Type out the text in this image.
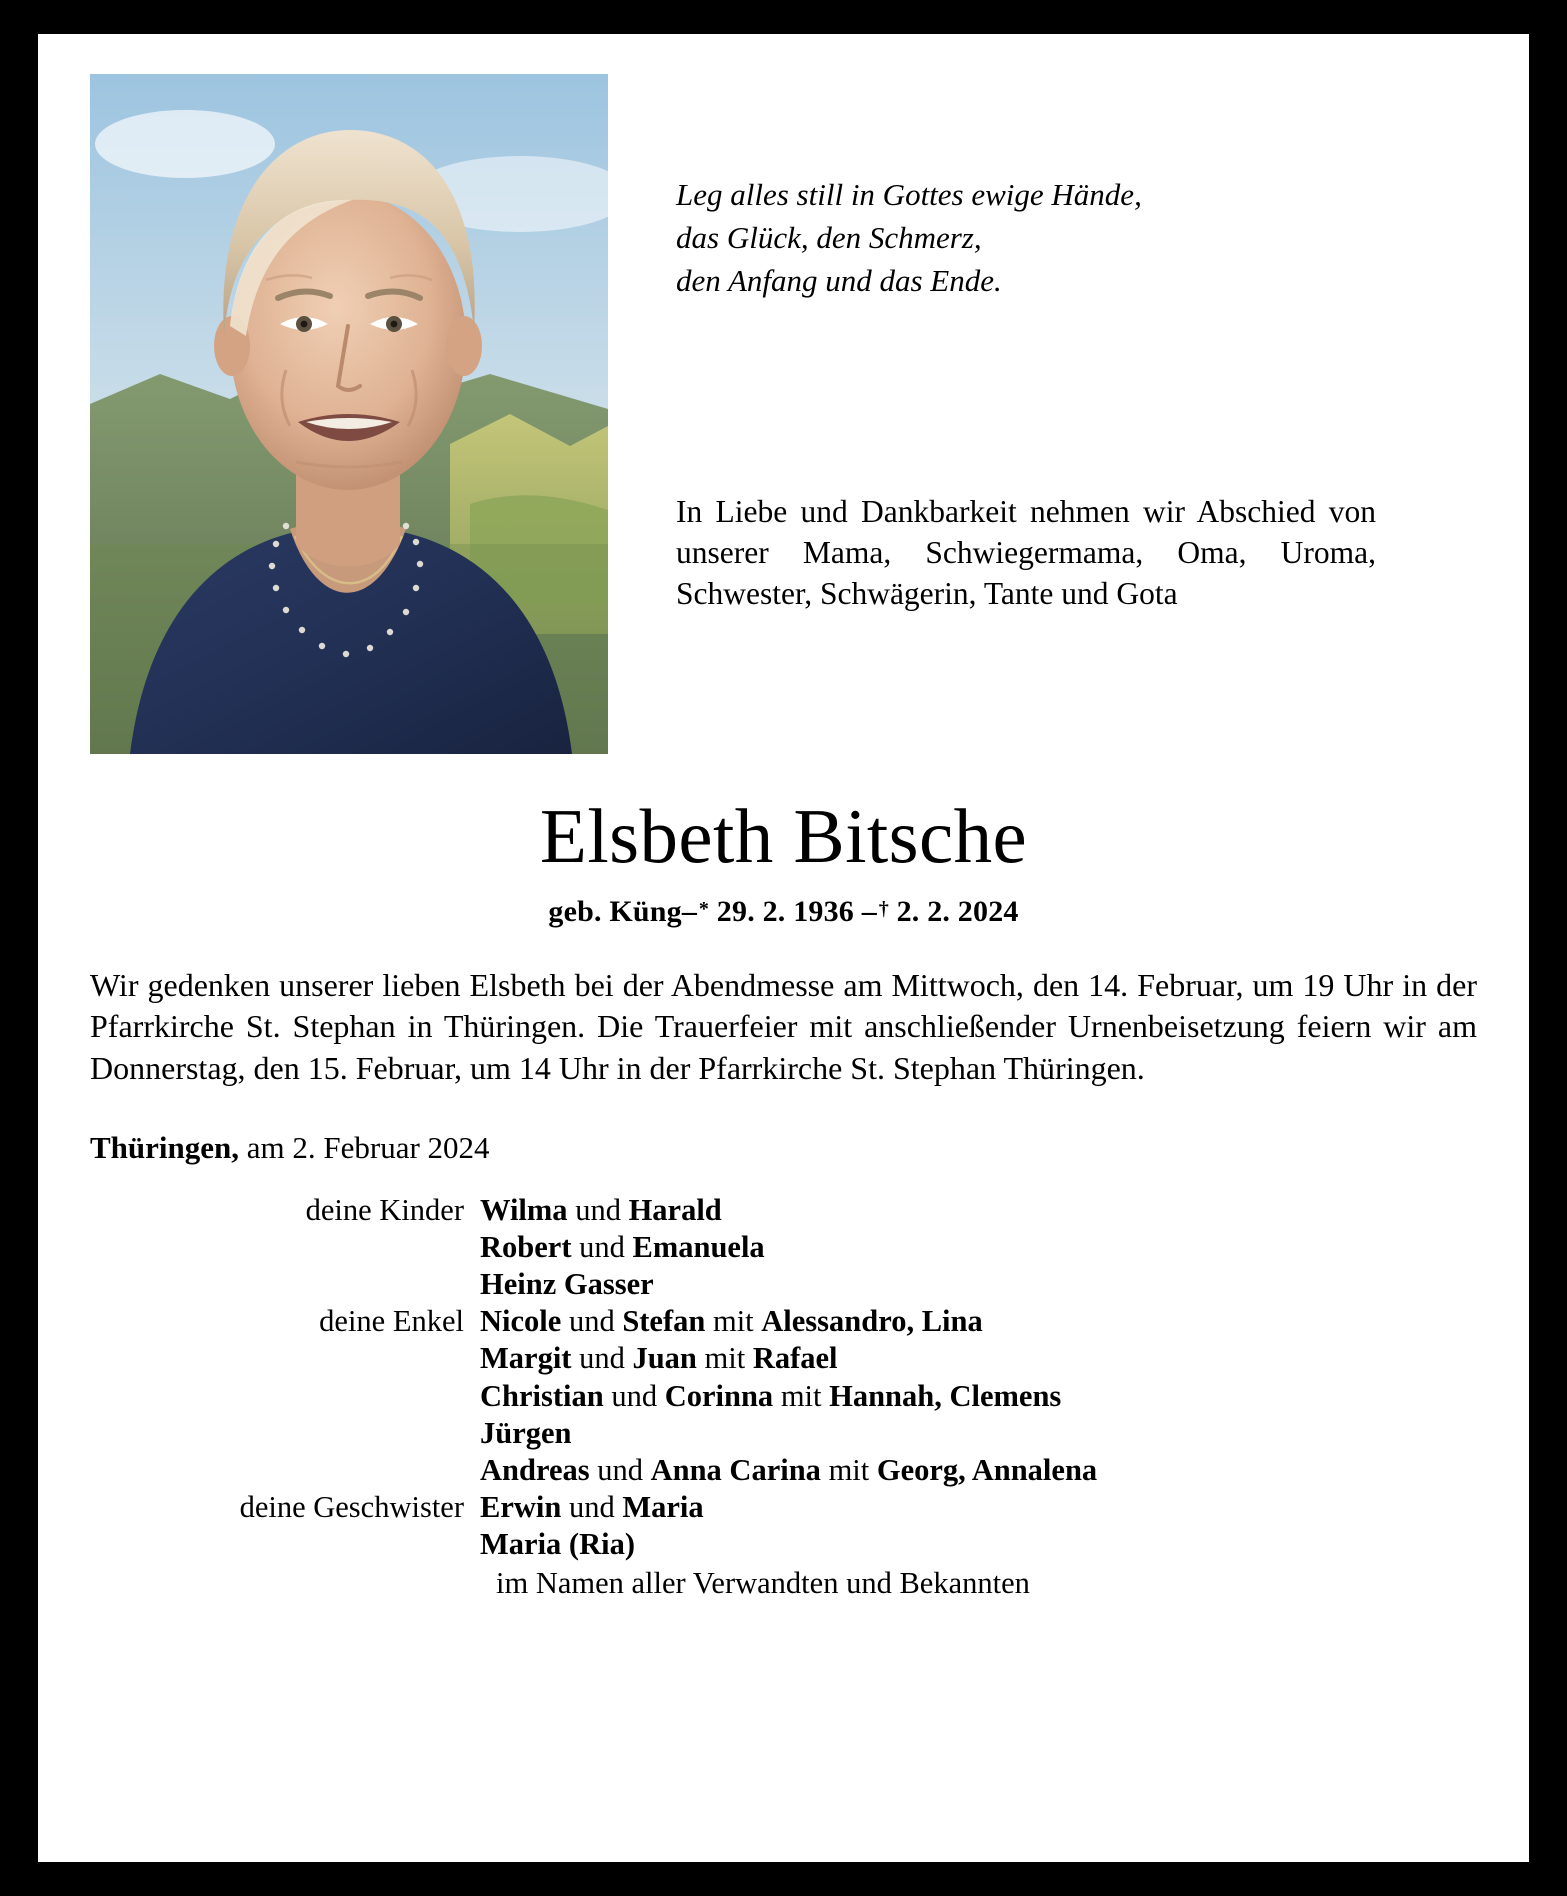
Leg alles still in Gottes ewige Hände,
das Glück, den Schmerz,
den Anfang und das Ende.
In Liebe und Dankbarkeit nehmen wir Abschied von unserer Mama, Schwiegermama, Oma, Uroma, Schwester, Schwägerin, Tante und Gota
Elsbeth Bitsche
geb. Küng–* 29. 2. 1936 –† 2. 2. 2024
Wir gedenken unserer lieben Elsbeth bei der Abendmesse am Mittwoch, den 14. Februar, um 19 Uhr in der Pfarrkirche St. Stephan in Thüringen. Die Trauerfeier mit anschließender Urnenbeisetzung feiern wir am Donnerstag, den 15. Februar, um 14 Uhr in der Pfarrkirche St. Stephan Thüringen.
Thüringen, am 2. Februar 2024
deine Kinder Wilma und Harald
Robert und Emanuela
Heinz Gasser
deine Enkel Nicole und Stefan mit Alessandro, Lina
Margit und Juan mit Rafael
Christian und Corinna mit Hannah, Clemens
Jürgen
Andreas und Anna Carina mit Georg, Annalena
deine Geschwister Erwin und Maria
Maria (Ria)
im Namen aller Verwandten und Bekannten
